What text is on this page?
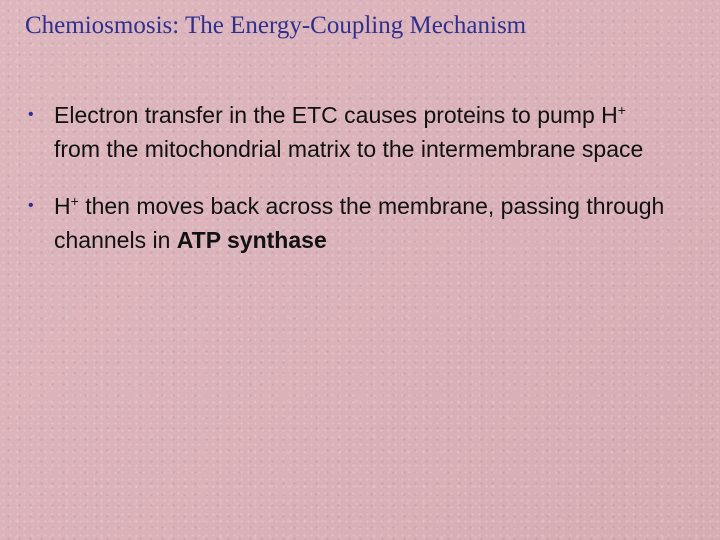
Chemiosmosis: The Energy-Coupling Mechanism
• Electron transfer in the ETC causes proteins to pump H+ from the mitochondrial matrix to the intermembrane space
• H+ then moves back across the membrane, passing through channels in ATP synthase
